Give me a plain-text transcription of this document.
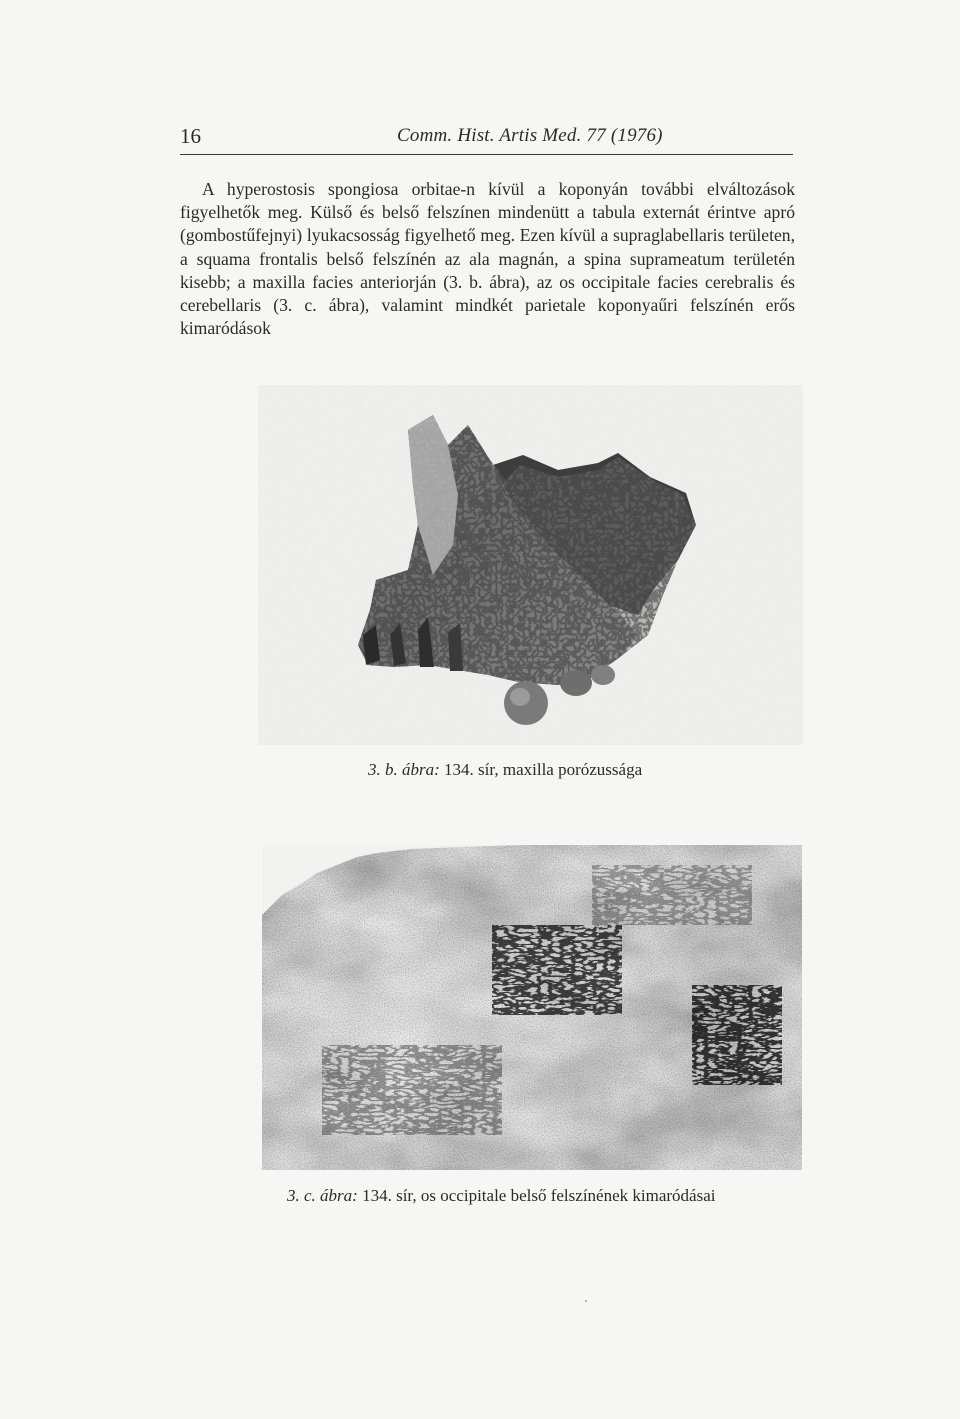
16	Comm. Hist. Artis Med. 77 (1976)

A hyperostosis spongiosa orbitae-n kívül a koponyán további elváltozások figyelhetők meg. Külső és belső felszínen mindenütt a tabula externát érintve apró (gombostűfejnyi) lyukacsosság figyelhető meg. Ezen kívül a supraglabellaris területen, a squama frontalis belső felszínén az ala magnán, a spina suprameatum területén kisebb; a maxilla facies anteriorján (3. b. ábra), az os occipitale facies cerebralis és cerebellaris (3. c. ábra), valamint mindkét parietale koponyaűri felszínén erős kimaródások

3. b. ábra: 134. sír, maxilla porózussága
3. c. ábra: 134. sír, os occipitale belső felszínének kimaródásai
